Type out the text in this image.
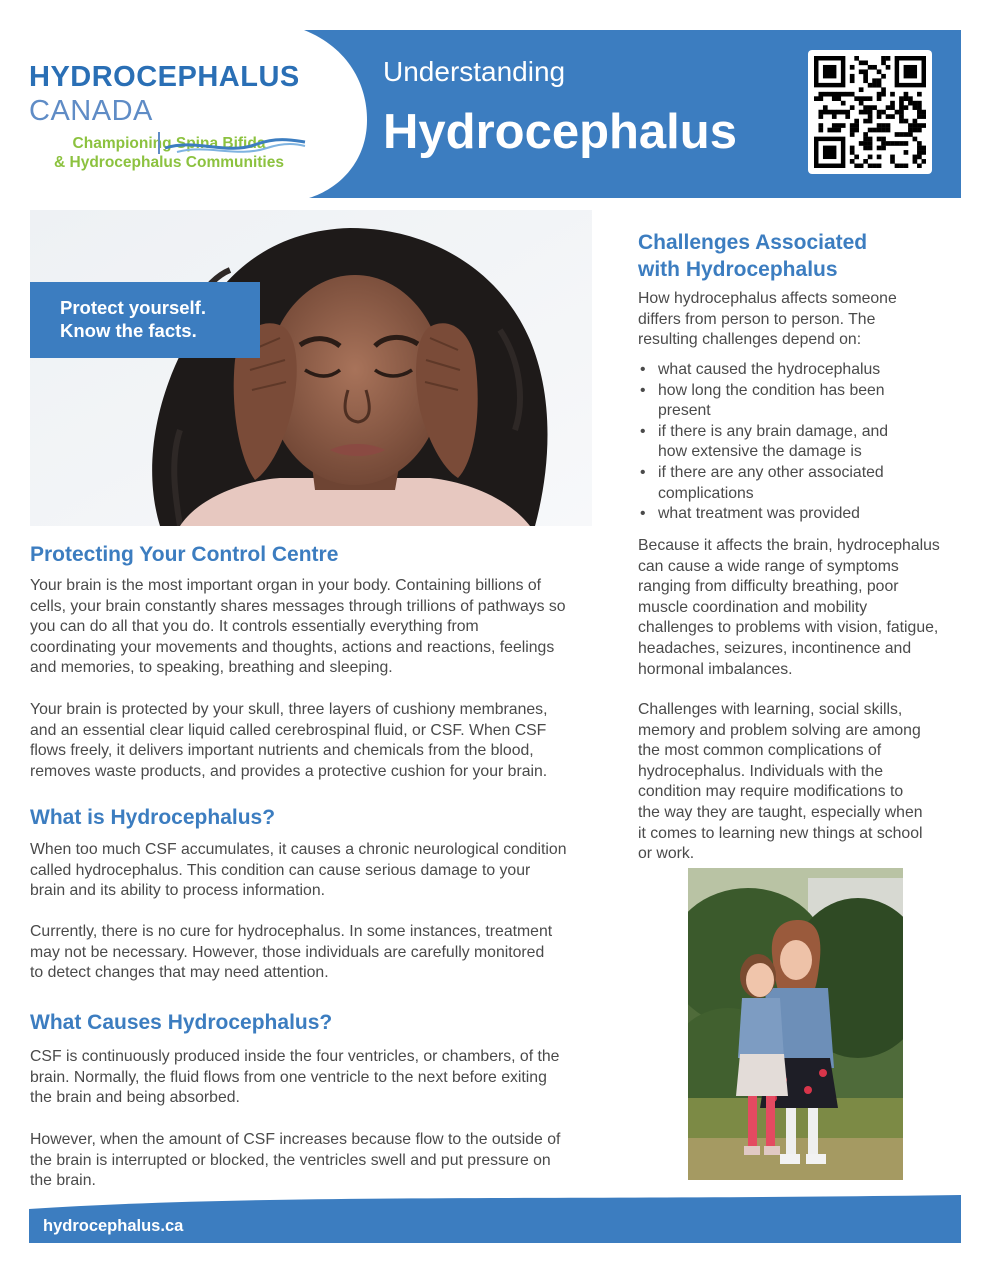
HYDROCEPHALUS
CANADA
Championing Spina Bifida
& Hydrocephalus Communities
Understanding
Hydrocephalus
Protect yourself.
Know the facts.
Protecting Your Control Centre
Your brain is the most important organ in your body. Containing billions of
cells, your brain constantly shares messages through trillions of pathways so
you can do all that you do. It controls essentially everything from
coordinating your movements and thoughts, actions and reactions, feelings
and memories, to speaking, breathing and sleeping.
Your brain is protected by your skull, three layers of cushiony membranes,
and an essential clear liquid called cerebrospinal fluid, or CSF. When CSF
flows freely, it delivers important nutrients and chemicals from the blood,
removes waste products, and provides a protective cushion for your brain.
What is Hydrocephalus?
When too much CSF accumulates, it causes a chronic neurological condition
called hydrocephalus. This condition can cause serious damage to your
brain and its ability to process information.
Currently, there is no cure for hydrocephalus. In some instances, treatment
may not be necessary. However, those individuals are carefully monitored
to detect changes that may need attention.
What Causes Hydrocephalus?
CSF is continuously produced inside the four ventricles, or chambers, of the
brain. Normally, the fluid flows from one ventricle to the next before exiting
the brain and being absorbed.
However, when the amount of CSF increases because flow to the outside of
the brain is interrupted or blocked, the ventricles swell and put pressure on
the brain.
Challenges Associated
with Hydrocephalus
How hydrocephalus affects someone
differs from person to person. The
resulting challenges depend on:
• what caused the hydrocephalus
• how long the condition has been
present
• if there is any brain damage, and
how extensive the damage is
• if there are any other associated
complications
• what treatment was provided
Because it affects the brain, hydrocephalus
can cause a wide range of symptoms
ranging from difficulty breathing, poor
muscle coordination and mobility
challenges to problems with vision, fatigue,
headaches, seizures, incontinence and
hormonal imbalances.
Challenges with learning, social skills,
memory and problem solving are among
the most common complications of
hydrocephalus. Individuals with the
condition may require modifications to
the way they are taught, especially when
it comes to learning new things at school
or work.
hydrocephalus.ca
